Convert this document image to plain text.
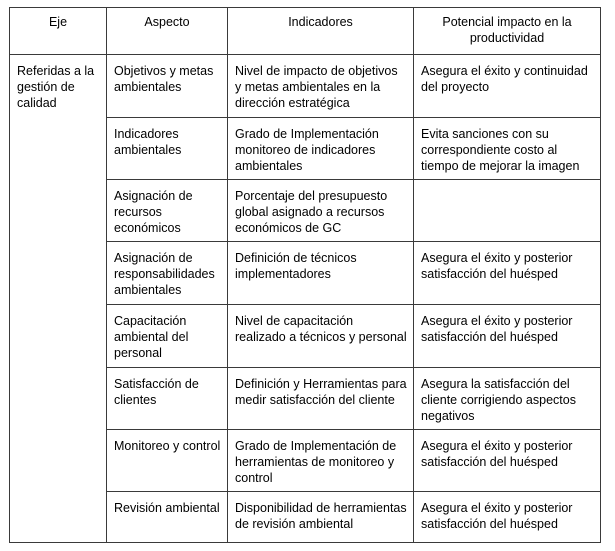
Eje	Aspecto	Indicadores	Potencial impacto en la productividad
Referidas a la gestión de calidad	Objetivos y metas ambientales	Nivel de impacto de objetivos y metas ambientales en la dirección estratégica	Asegura el éxito y continuidad del proyecto
	Indicadores ambientales	Grado de Implementación monitoreo de indicadores ambientales	Evita sanciones con su correspondiente costo al tiempo de mejorar la imagen
	Asignación de recursos económicos	Porcentaje del presupuesto global asignado a recursos económicos de GC	
	Asignación de responsabilidades ambientales	Definición de técnicos implementadores	Asegura el éxito y posterior satisfacción del huésped
	Capacitación ambiental del personal	Nivel de capacitación realizado a técnicos y personal	Asegura el éxito y posterior satisfacción del huésped
	Satisfacción de clientes	Definición y Herramientas para medir satisfacción del cliente	Asegura la satisfacción del cliente corrigiendo aspectos negativos
	Monitoreo y control	Grado de Implementación de herramientas de monitoreo y control	Asegura el éxito y posterior satisfacción del huésped
	Revisión ambiental	Disponibilidad de herramientas de revisión ambiental	Asegura el éxito y posterior satisfacción del huésped
